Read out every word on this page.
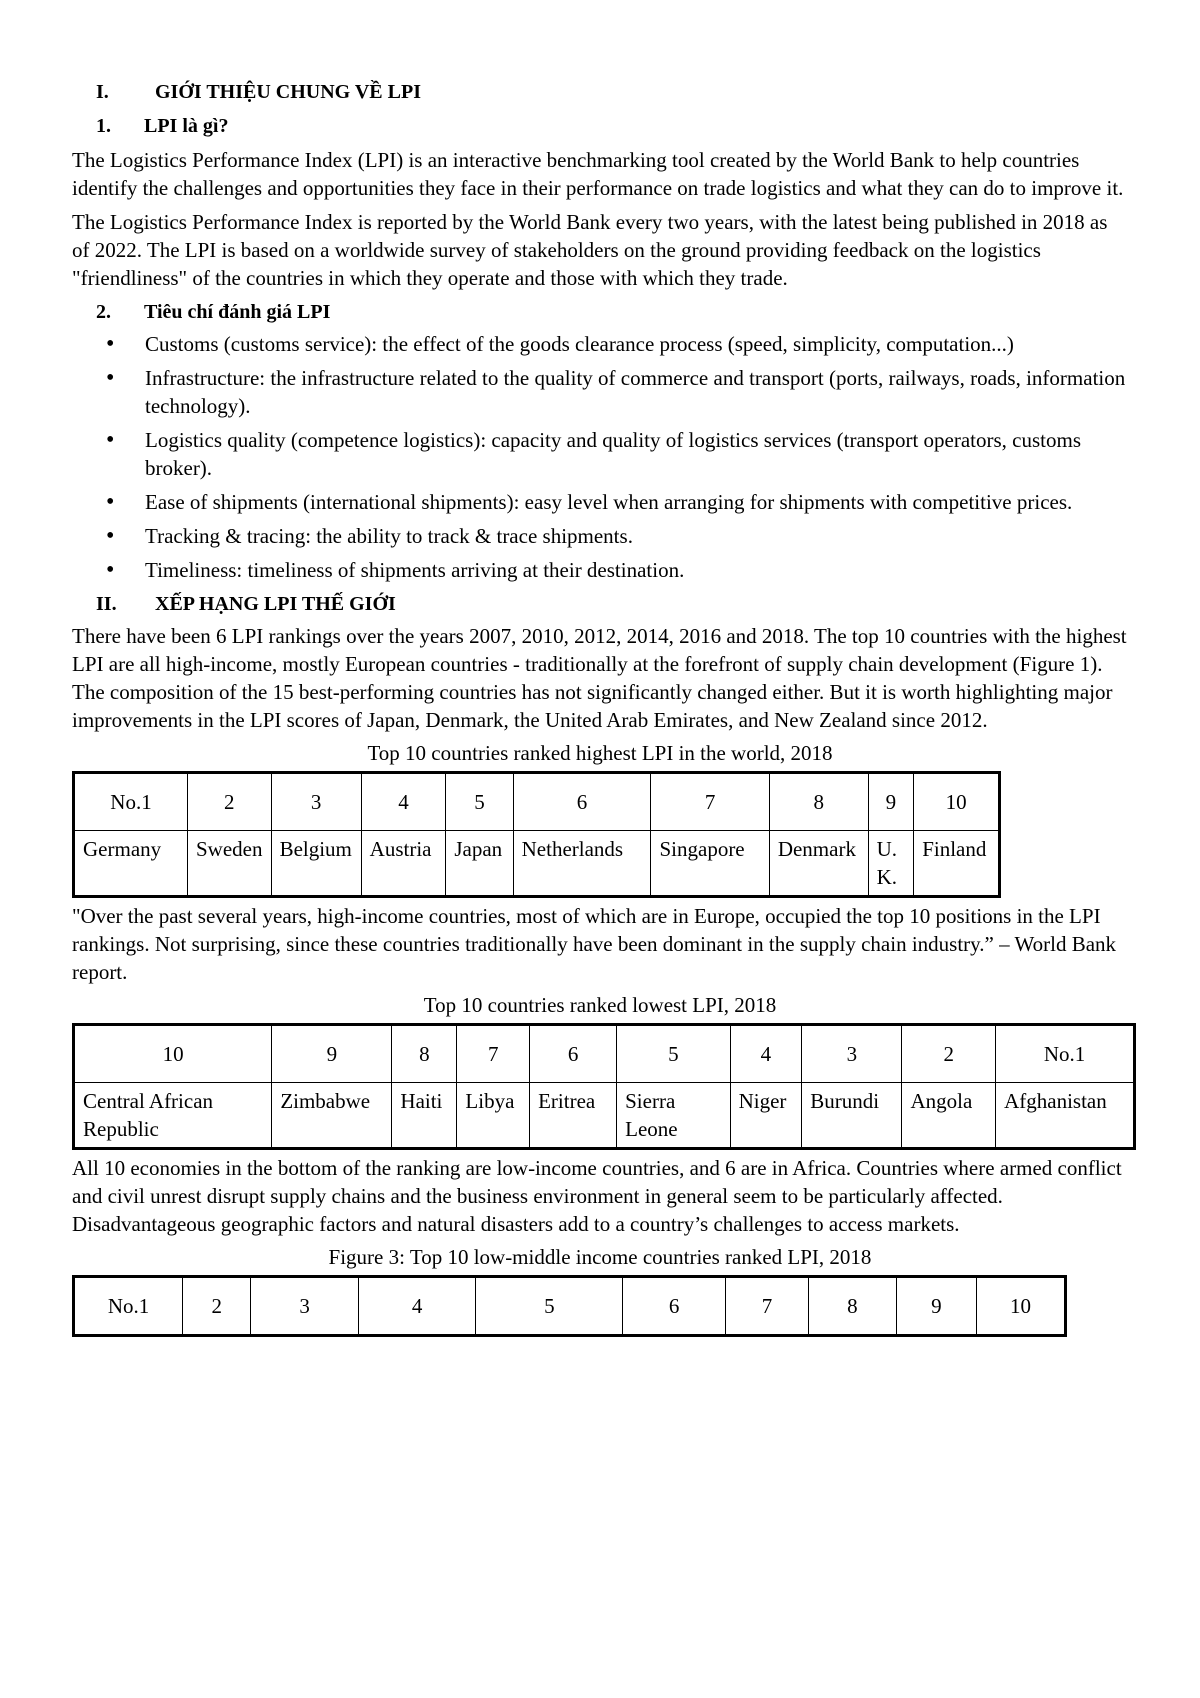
I.	GIỚI THIỆU CHUNG VỀ LPI
1.	LPI là gì?

The Logistics Performance Index (LPI) is an interactive benchmarking tool created by the World Bank to help countries identify the challenges and opportunities they face in their performance on trade logistics and what they can do to improve it.

The Logistics Performance Index is reported by the World Bank every two years, with the latest being published in 2018 as of 2022. The LPI is based on a worldwide survey of stakeholders on the ground providing feedback on the logistics "friendliness" of the countries in which they operate and those with which they trade.

2.	Tiêu chí đánh giá LPI
• Customs (customs service): the effect of the goods clearance process (speed, simplicity, computation...)
• Infrastructure: the infrastructure related to the quality of commerce and transport (ports, railways, roads, information technology).
• Logistics quality (competence logistics): capacity and quality of logistics services (transport operators, customs broker).
• Ease of shipments (international shipments): easy level when arranging for shipments with competitive prices.
• Tracking & tracing: the ability to track & trace shipments.
• Timeliness: timeliness of shipments arriving at their destination.
II.	XẾP HẠNG LPI THẾ GIỚI

There have been 6 LPI rankings over the years 2007, 2010, 2012, 2014, 2016 and 2018. The top 10 countries with the highest LPI are all high-income, mostly European countries - traditionally at the forefront of supply chain development (Figure 1). The composition of the 15 best-performing countries has not significantly changed either. But it is worth highlighting major improvements in the LPI scores of Japan, Denmark, the United Arab Emirates, and New Zealand since 2012.

Top 10 countries ranked highest LPI in the world, 2018
No.1	2	3	4	5	6	7	8	9	10
Germany	Sweden	Belgium	Austria	Japan	Netherlands	Singapore	Denmark	U.K.	Finland

"Over the past several years, high-income countries, most of which are in Europe, occupied the top 10 positions in the LPI rankings. Not surprising, since these countries traditionally have been dominant in the supply chain industry.” – World Bank report.

Top 10 countries ranked lowest LPI, 2018
10	9	8	7	6	5	4	3	2	No.1
Central African Republic	Zimbabwe	Haiti	Libya	Eritrea	Sierra Leone	Niger	Burundi	Angola	Afghanistan

All 10 economies in the bottom of the ranking are low-income countries, and 6 are in Africa. Countries where armed conflict and civil unrest disrupt supply chains and the business environment in general seem to be particularly affected. Disadvantageous geographic factors and natural disasters add to a country’s challenges to access markets.

Figure 3: Top 10 low-middle income countries ranked LPI, 2018
No.1	2	3	4	5	6	7	8	9	10
